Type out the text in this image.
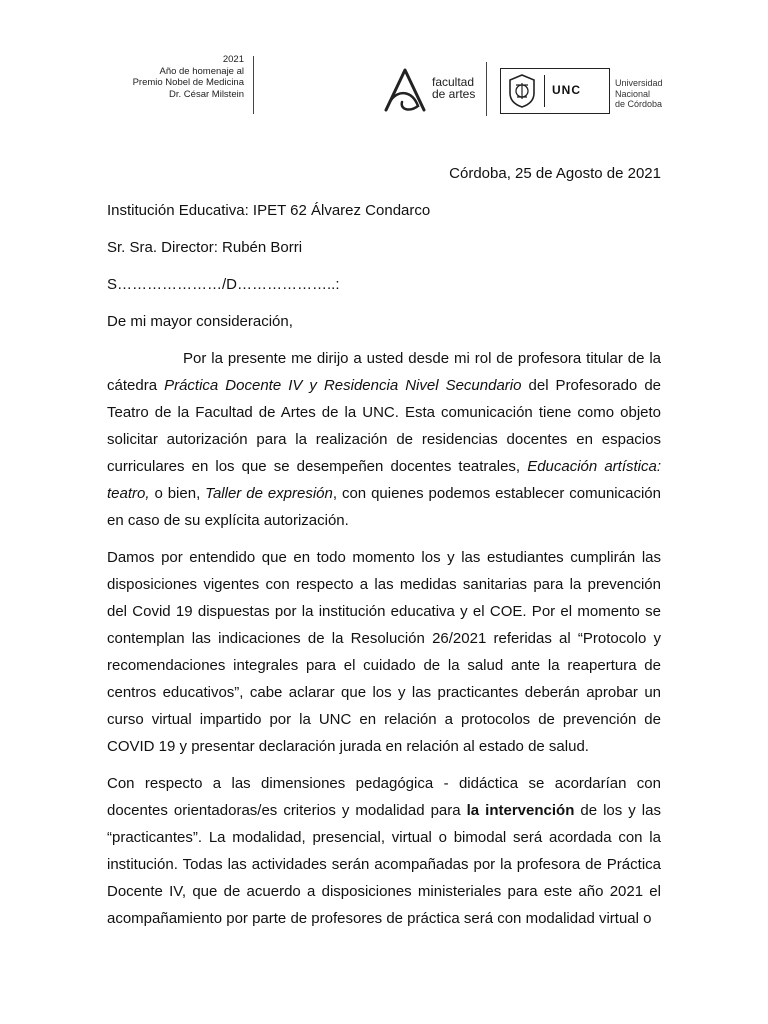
2021
Año de homenaje al
Premio Nobel de Medicina
Dr. César Milstein
facultad
de artes	UNC	Universidad
Nacional
de Córdoba

Córdoba, 25 de Agosto de 2021

Institución Educativa: IPET 62 Álvarez Condarco

Sr. Sra. Director: Rubén Borri

S…………………/D………………..:

De mi mayor consideración,

Por la presente me dirijo a usted desde mi rol de profesora titular de la cátedra Práctica Docente IV y Residencia Nivel Secundario del Profesorado de Teatro de la Facultad de Artes de la UNC. Esta comunicación tiene como objeto solicitar autorización para la realización de residencias docentes en espacios curriculares en los que se desempeñen docentes teatrales, Educación artística: teatro, o bien, Taller de expresión, con quienes podemos establecer comunicación en caso de su explícita autorización.

Damos por entendido que en todo momento los y las estudiantes cumplirán las disposiciones vigentes con respecto a las medidas sanitarias para la prevención del Covid 19 dispuestas por la institución educativa y el COE. Por el momento se contemplan las indicaciones de la Resolución 26/2021 referidas al “Protocolo y recomendaciones integrales para el cuidado de la salud ante la reapertura de centros educativos”, cabe aclarar que los y las practicantes deberán aprobar un curso virtual impartido por la UNC en relación a protocolos de prevención de COVID 19 y presentar declaración jurada en relación al estado de salud.

Con respecto a las dimensiones pedagógica - didáctica se acordarían con docentes orientadoras/es criterios y modalidad para la intervención de los y las “practicantes”. La modalidad, presencial, virtual o bimodal será acordada con la institución. Todas las actividades serán acompañadas por la profesora de Práctica Docente IV, que de acuerdo a disposiciones ministeriales para este año 2021 el acompañamiento por parte de profesores de práctica será con modalidad virtual o
